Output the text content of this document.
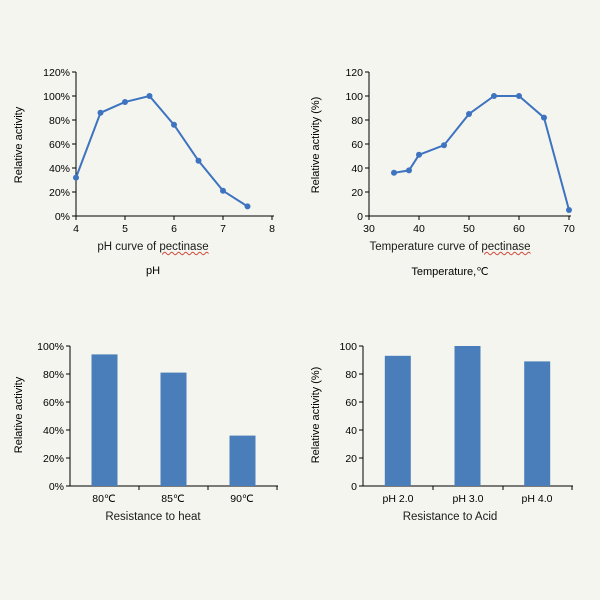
Relative activity
0%
20%
40%
60%
80%
100%
120%
4	5	6	7	8
pH curve of pectinase
Relative activity (%)
0
20
40
60
80
100
120
30	40	50	60	70
Temperature curve of pectinase
Relative activity
0%
20%
40%
60%
80%
100%
80℃	85℃	90℃
Resistance to heat
Relative activity (%)
0
20
40
60
80
100
pH 2.0	pH 3.0	pH 4.0
Resistance to Acid
pH	Temperature,℃
